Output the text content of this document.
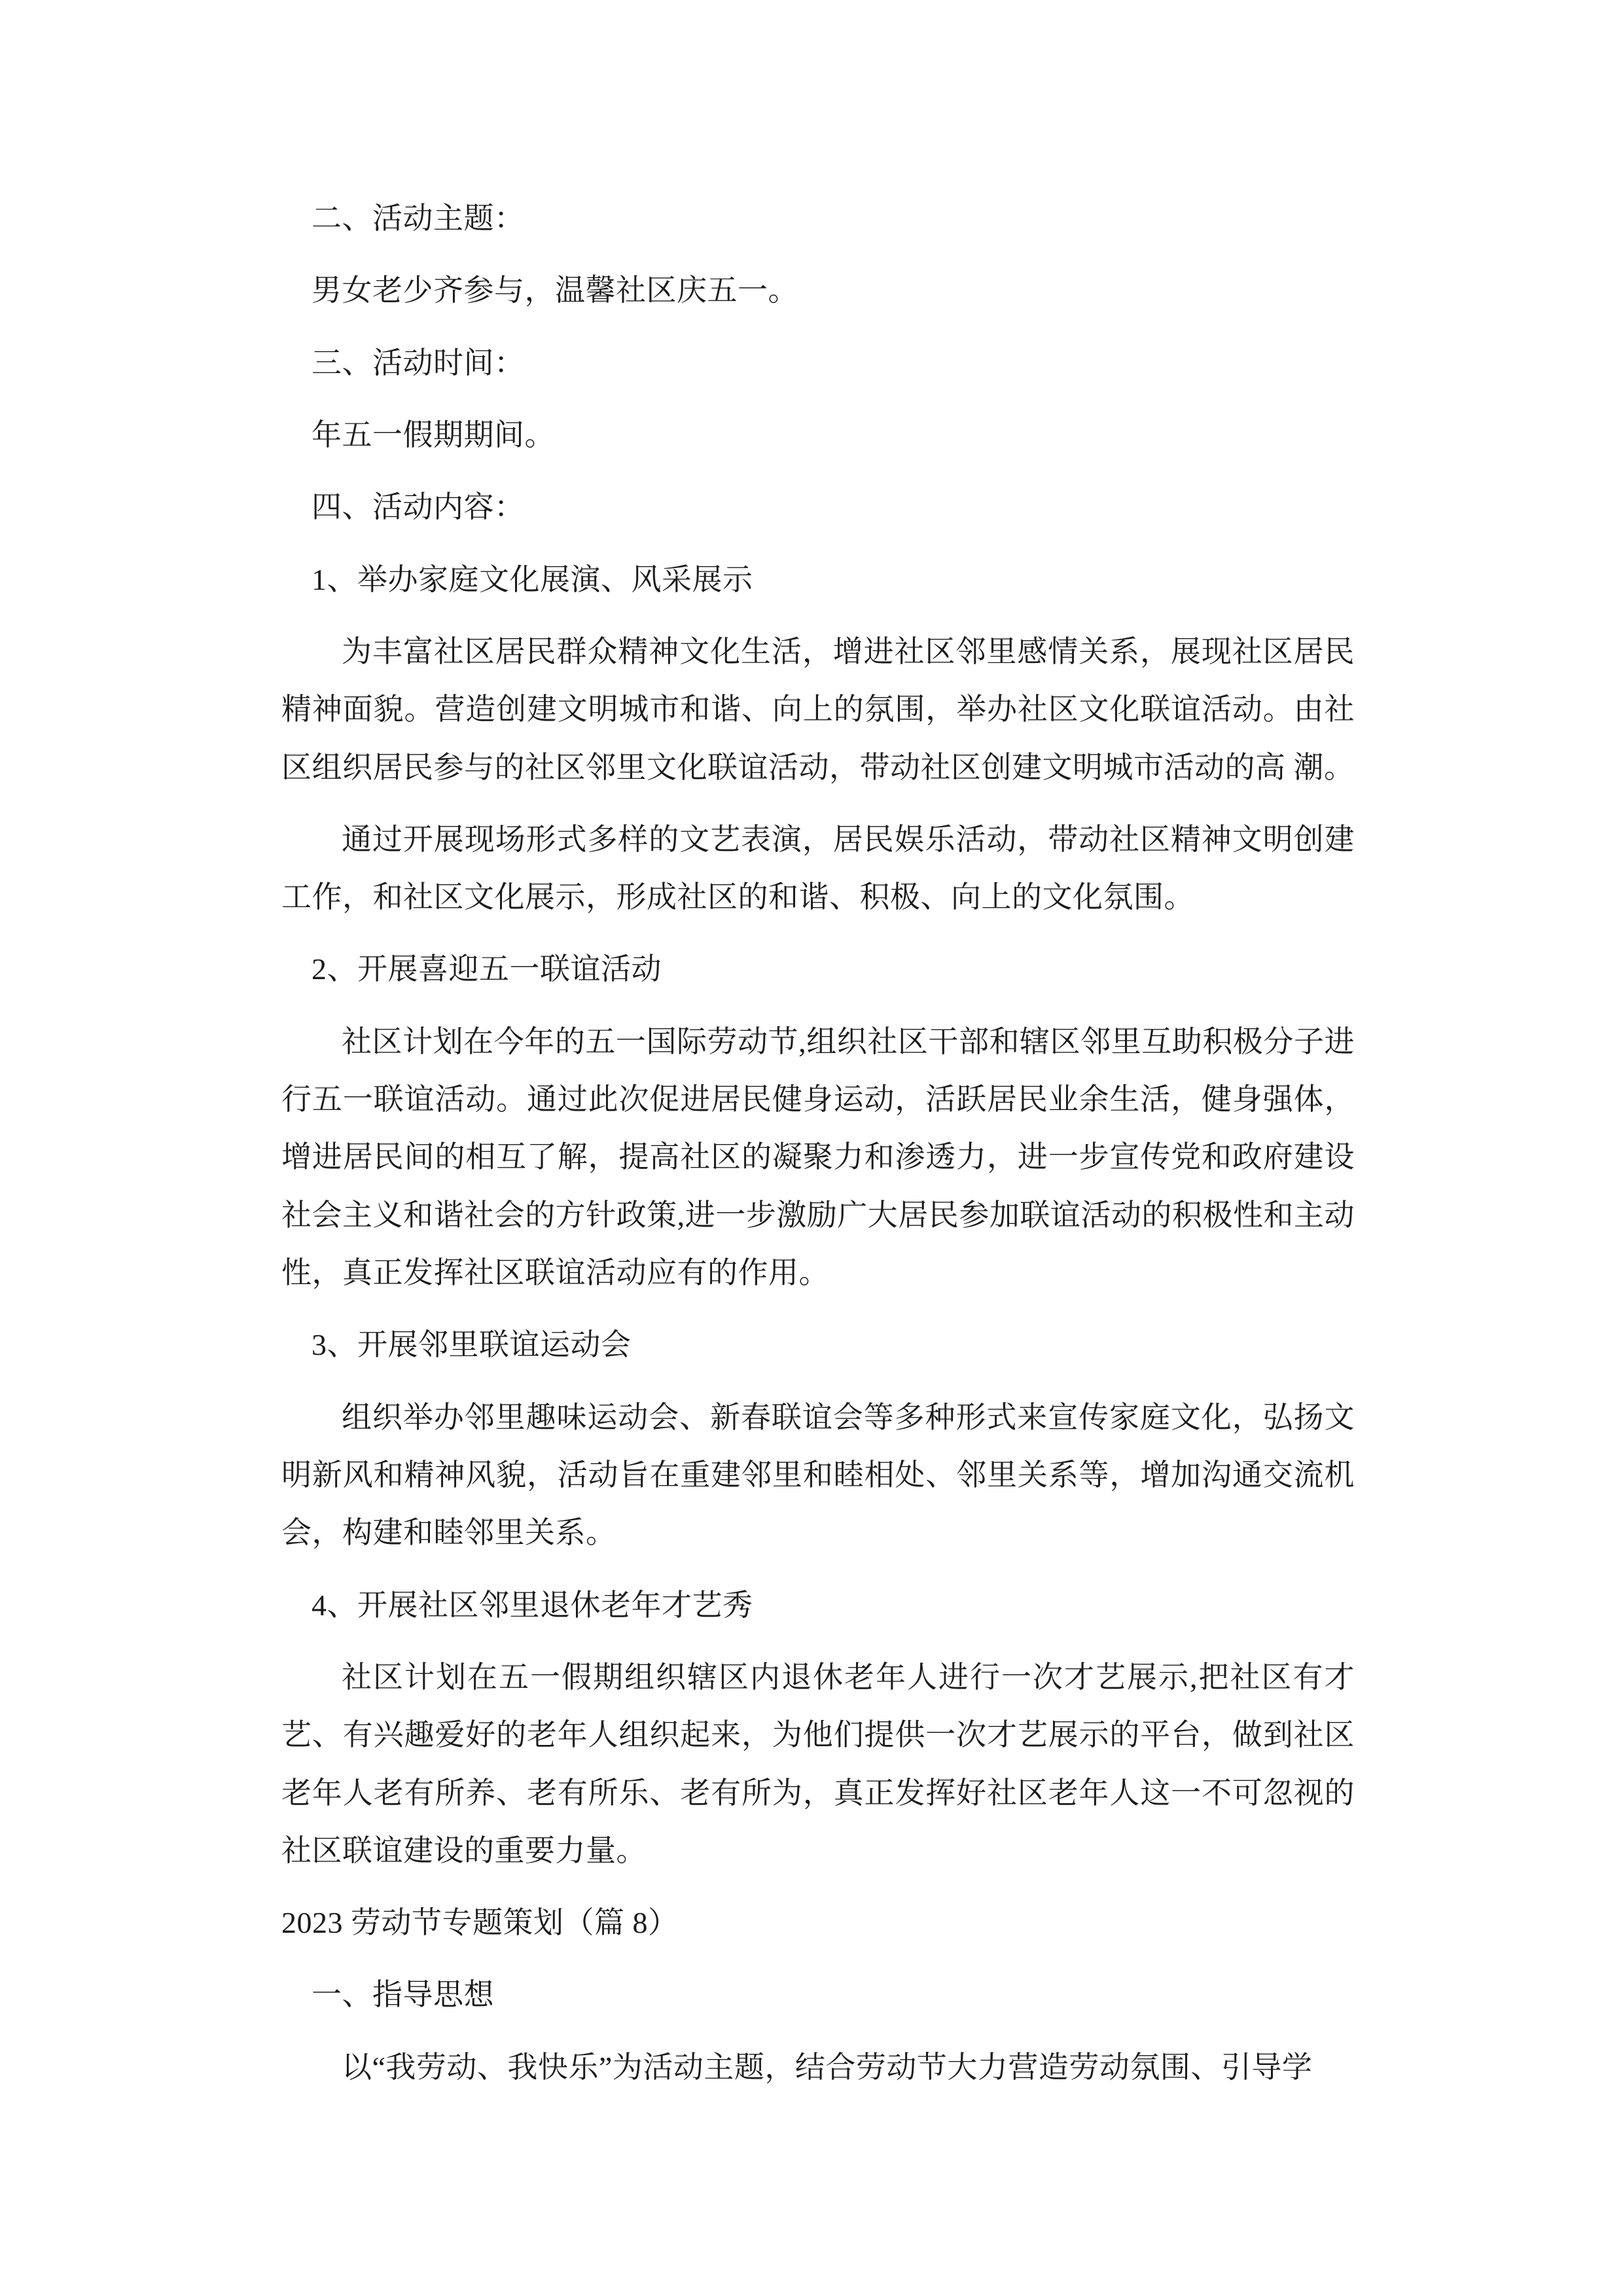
二、活动主题：

男女老少齐参与，温馨社区庆五一。

三、活动时间：

年五一假期期间。

四、活动内容：

1、举办家庭文化展演、风采展示

为丰富社区居民群众精神文化生活，增进社区邻里感情关系，展现社区居民精神面貌。营造创建文明城市和谐、向上的氛围，举办社区文化联谊活动。由社区组织居民参与的社区邻里文化联谊活动，带动社区创建文明城市活动的高 潮。

通过开展现场形式多样的文艺表演，居民娱乐活动，带动社区精神文明创建工作，和社区文化展示，形成社区的和谐、积极、向上的文化氛围。

2、开展喜迎五一联谊活动

社区计划在今年的五一国际劳动节,组织社区干部和辖区邻里互助积极分子进行五一联谊活动。通过此次促进居民健身运动，活跃居民业余生活，健身强体，增进居民间的相互了解，提高社区的凝聚力和渗透力，进一步宣传党和政府建设社会主义和谐社会的方针政策,进一步激励广大居民参加联谊活动的积极性和主动性，真正发挥社区联谊活动应有的作用。

3、开展邻里联谊运动会

组织举办邻里趣味运动会、新春联谊会等多种形式来宣传家庭文化，弘扬文明新风和精神风貌，活动旨在重建邻里和睦相处、邻里关系等，增加沟通交流机会，构建和睦邻里关系。

4、开展社区邻里退休老年才艺秀

社区计划在五一假期组织辖区内退休老年人进行一次才艺展示,把社区有才艺、有兴趣爱好的老年人组织起来，为他们提供一次才艺展示的平台，做到社区老年人老有所养、老有所乐、老有所为，真正发挥好社区老年人这一不可忽视的社区联谊建设的重要力量。

2023 劳动节专题策划（篇 8）

一、指导思想

以“我劳动、我快乐”为活动主题，结合劳动节大力营造劳动氛围、引导学
